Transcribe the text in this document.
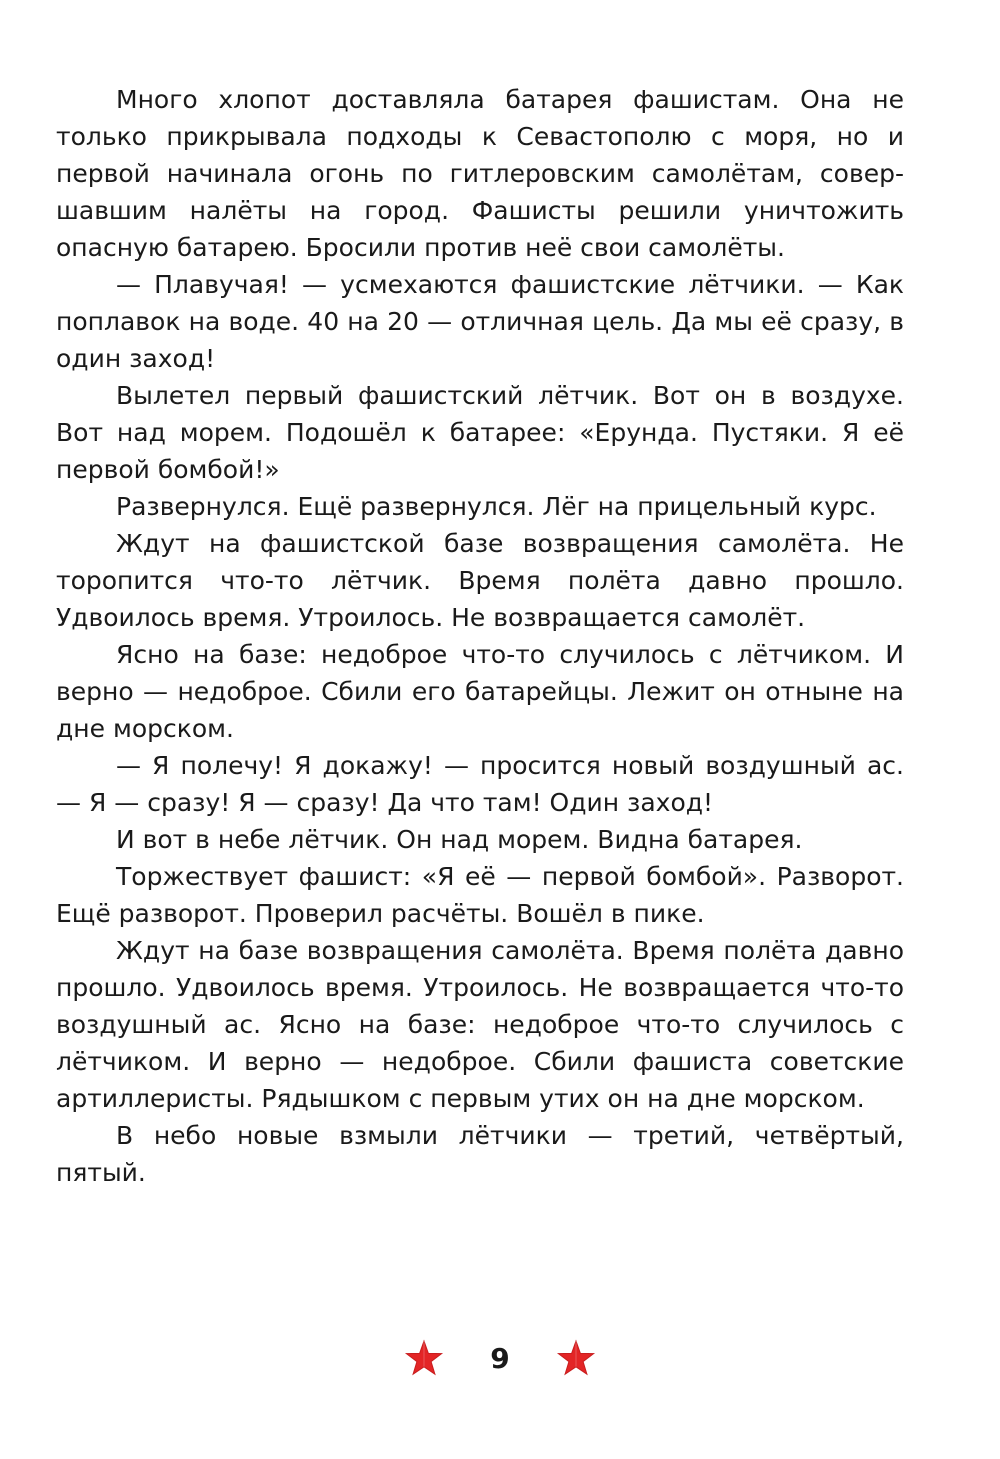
Много хлопот доставляла батарея фашистам. Она не только прикрывала подходы к Севастополю с моря, но и первой начинала огонь по гитлеровским самолётам, совершавшим налёты на город. Фашисты решили уничтожить опасную батарею. Бросили против неё свои самолёты.

— Плавучая! — усмехаются фашистские лётчики. — Как поплавок на воде. 40 на 20 — отличная цель. Да мы её сразу, в один заход!

Вылетел первый фашистский лётчик. Вот он в воздухе. Вот над морем. Подошёл к батарее: «Ерунда. Пустяки. Я её первой бомбой!»

Развернулся. Ещё развернулся. Лёг на прицельный курс.

Ждут на фашистской базе возвращения самолёта. Не торопится что-то лётчик. Время полёта давно прошло. Удвоилось время. Утроилось. Не возвращается самолёт.

Ясно на базе: недоброе что-то случилось с лётчиком. И верно — недоброе. Сбили его батарейцы. Лежит он отныне на дне морском.

— Я полечу! Я докажу! — просится новый воздушный ас. — Я — сразу! Я — сразу! Да что там! Один заход!

И вот в небе лётчик. Он над морем. Видна батарея.

Торжествует фашист: «Я её — первой бомбой». Разворот. Ещё разворот. Проверил расчёты. Вошёл в пике.

Ждут на базе возвращения самолёта. Время полёта давно прошло. Удвоилось время. Утроилось. Не возвращается что-то воздушный ас. Ясно на базе: недоброе что-то случилось с лётчиком. И верно — недоброе. Сбили фашиста советские артиллеристы. Рядышком с первым утих он на дне морском.

В небо новые взмыли лётчики — третий, четвёртый, пятый.

9
